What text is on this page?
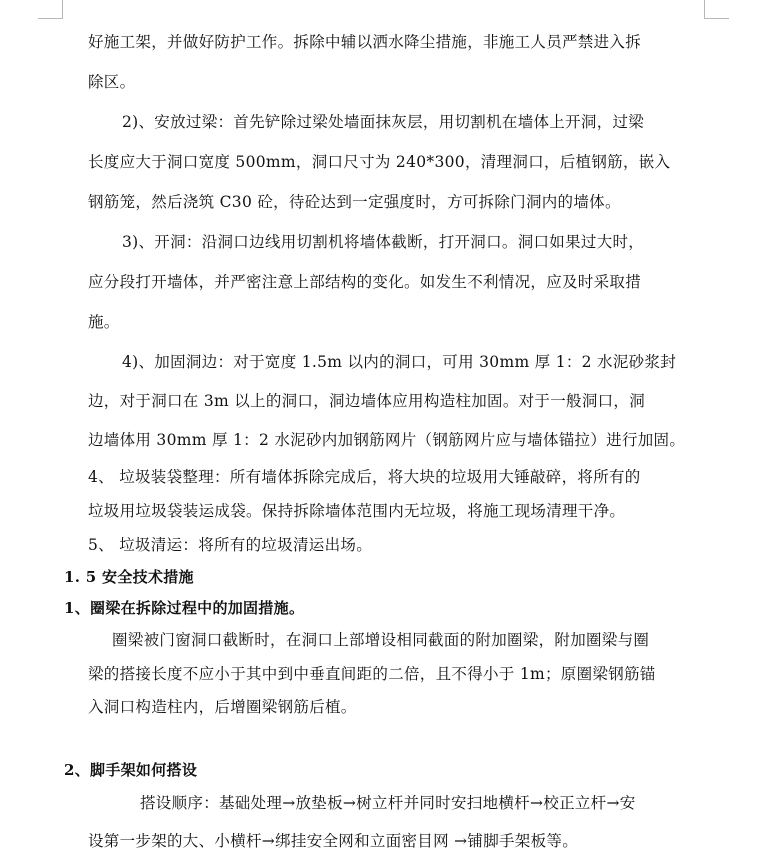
好施工架，并做好防护工作。拆除中辅以洒水降尘措施，非施工人员严禁进入拆
除区。
2)、安放过梁：首先铲除过梁处墙面抹灰层，用切割机在墙体上开洞，过梁
长度应大于洞口宽度 500mm，洞口尺寸为 240*300，清理洞口，后植钢筋，嵌入
钢筋笼，然后浇筑 C30 砼，待砼达到一定强度时，方可拆除门洞内的墙体。
3)、开洞：沿洞口边线用切割机将墙体截断，打开洞口。洞口如果过大时，
应分段打开墙体，并严密注意上部结构的变化。如发生不利情况，应及时采取措
施。
4)、加固洞边：对于宽度 1.5m 以内的洞口，可用 30mm 厚 1：2 水泥砂浆封
边，对于洞口在 3m 以上的洞口，洞边墙体应用构造柱加固。对于一般洞口，洞
边墙体用 30mm 厚 1：2 水泥砂内加钢筋网片（钢筋网片应与墙体锚拉）进行加固。
4、 垃圾装袋整理：所有墙体拆除完成后，将大块的垃圾用大锤敲碎，将所有的
垃圾用垃圾袋装运成袋。保持拆除墙体范围内无垃圾，将施工现场清理干净。
5、 垃圾清运：将所有的垃圾清运出场。
1. 5 安全技术措施
1、圈梁在拆除过程中的加固措施。
圈梁被门窗洞口截断时，在洞口上部增设相同截面的附加圈梁，附加圈梁与圈
梁的搭接长度不应小于其中到中垂直间距的二倍，且不得小于 1m；原圈梁钢筋锚
入洞口构造柱内，后增圈梁钢筋后植。
2、脚手架如何搭设
搭设顺序：基础处理→放垫板→树立杆并同时安扫地横杆→校正立杆→安
设第一步架的大、小横杆→绑挂安全网和立面密目网 →铺脚手架板等。
